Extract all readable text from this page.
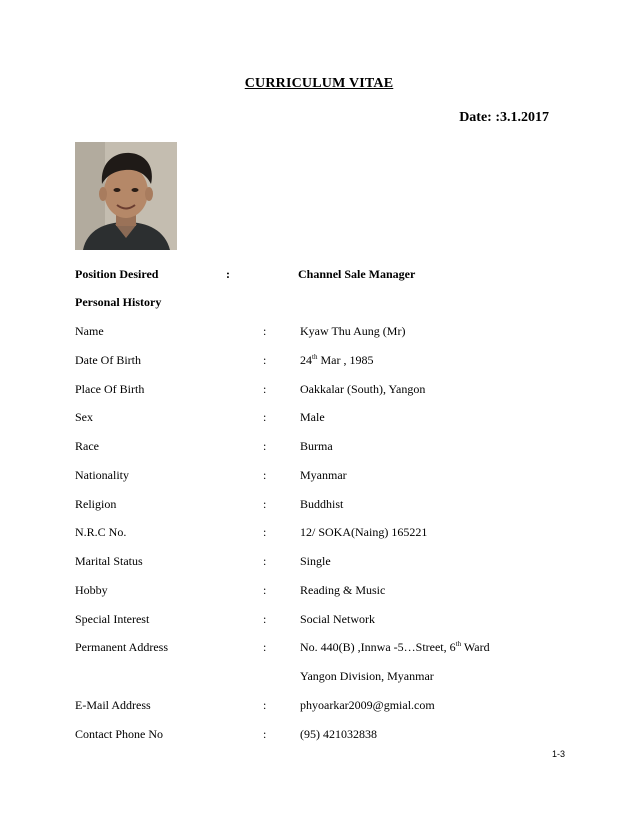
CURRICULUM VITAE
Date: :3.1.2017
Position Desired	:	Channel Sale Manager
Personal History
Name	:	Kyaw Thu Aung (Mr)
Date Of Birth	:	24th Mar , 1985
Place Of Birth	:	Oakkalar (South), Yangon
Sex	:	Male
Race	:	Burma
Nationality	:	Myanmar
Religion	:	Buddhist
N.R.C No.	:	12/ SOKA(Naing) 165221
Marital Status	:	Single
Hobby	:	Reading & Music
Special Interest	:	Social Network
Permanent Address	:	No. 440(B) ,Innwa -5…Street, 6th Ward
Yangon Division, Myanmar
E-Mail Address	:	phyoarkar2009@gmial.com
Contact Phone No	:	(95) 421032838
1-3
